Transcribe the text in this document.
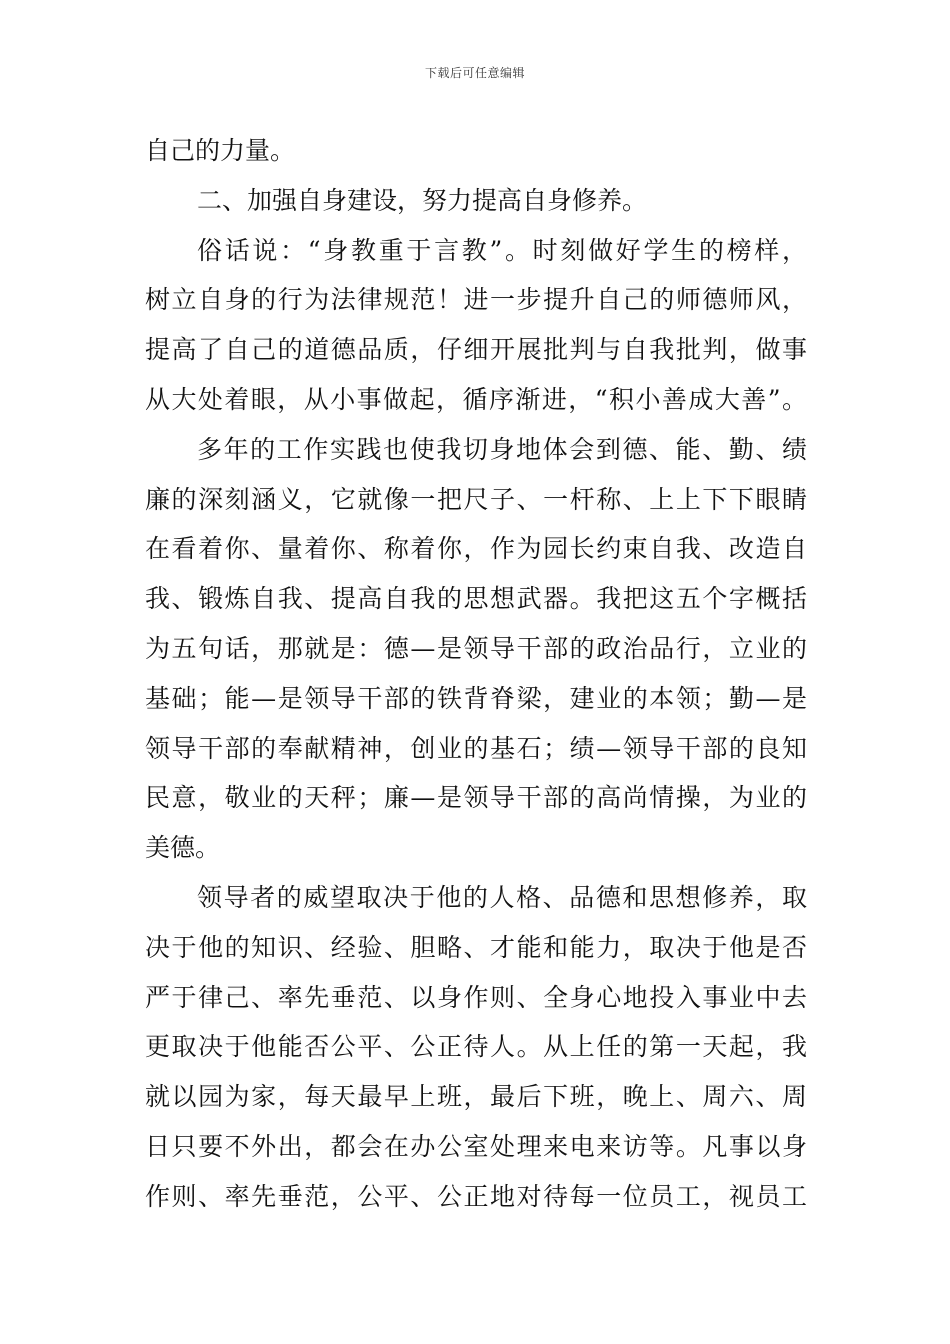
下载后可任意编辑
自己的力量。
二、加强自身建设，努力提高自身修养。
俗话说：“身教重于言教”。时刻做好学生的榜样，
树立自身的行为法律规范！进一步提升自己的师德师风，
提高了自己的道德品质，仔细开展批判与自我批判，做事
从大处着眼，从小事做起，循序渐进，“积小善成大善”。
多年的工作实践也使我切身地体会到德、能、勤、绩
廉的深刻涵义，它就像一把尺子、一杆称、上上下下眼睛
在看着你、量着你、称着你，作为园长约束自我、改造自
我、锻炼自我、提高自我的思想武器。我把这五个字概括
为五句话，那就是：德—是领导干部的政治品行，立业的
基础；能—是领导干部的铁背脊梁，建业的本领；勤—是
领导干部的奉献精神，创业的基石；绩—领导干部的良知
民意，敬业的天秤；廉—是领导干部的高尚情操，为业的
美德。
领导者的威望取决于他的人格、品德和思想修养，取
决于他的知识、经验、胆略、才能和能力，取决于他是否
严于律己、率先垂范、以身作则、全身心地投入事业中去
更取决于他能否公平、公正待人。从上任的第一天起，我
就以园为家，每天最早上班，最后下班，晚上、周六、周
日只要不外出，都会在办公室处理来电来访等。凡事以身
作则、率先垂范，公平、公正地对待每一位员工，视员工
